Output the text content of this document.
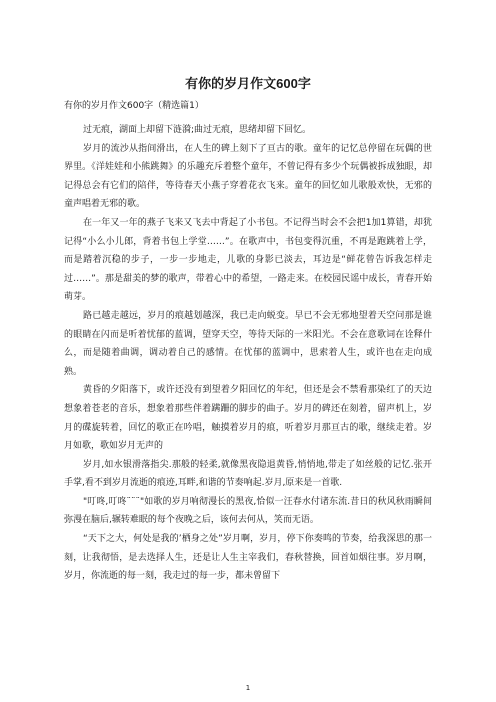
有你的岁月作文600字

有你的岁月作文600字（精选篇1）

过无痕，湖面上却留下涟漪;曲过无痕，思绪却留下回忆。

岁月的流沙从指间滑出，在人生的碑上刻下了亘古的歌。童年的记忆总停留在玩偶的世界里。《洋娃娃和小熊跳舞》的乐趣充斥着整个童年，不曾记得有多少个玩偶被拆成独眼，却记得总会有它们的陪伴，等待春天小燕子穿着花衣飞来。童年的回忆如儿歌般欢快，无邪的童声唱着无邪的歌。

在一年又一年的燕子飞来又飞去中背起了小书包。不记得当时会不会把1加1算错，却犹记得“小么小儿郎，背着书包上学堂……”。在歌声中，书包变得沉重，不再是跑跳着上学，而是踏着沉稳的步子，一步一步地走，儿歌的身影已淡去，耳边是“鲜花曾告诉我怎样走过……”。那是甜美的梦的歌声，带着心中的希望，一路走来。在校园民谣中成长，青春开始萌芽。

路已越走越远，岁月的痕越划越深，我已走向蜕变。早已不会无邪地望着天空问那是谁的眼睛在闪而是听着忧郁的蓝调，望穿天空，等待天际的一米阳光。不会在意歌词在诠释什么，而是随着曲调，调动着自己的感情。在忧郁的蓝调中，思索着人生，或许也在走向成熟。

黄昏的夕阳落下，或许还没有到望着夕阳回忆的年纪，但还是会不禁看那染红了的天边想象着苍老的音乐，想象着那些伴着蹒跚的脚步的曲子。岁月的碑还在刻着，留声机上，岁月的碟旋转着，回忆的歌正在吟唱，触摸着岁月的痕，听着岁月那亘古的歌，继续走着。岁月如歌，歌如岁月无声的

岁月,如水银滑落指尖.那般的轻柔,就像黑夜隐退黄昏,悄悄地,带走了如丝般的记忆.张开手掌,看不到岁月流逝的痕迹,耳畔,和谐的节奏响起.岁月,原来是一首歌.

"叮咚,叮咚¨¨¨"如歌的岁月响彻漫长的黑夜,恰似一汪春水付诸东流.昔日的秋风秋雨瞬间弥漫在脑后,辗转难眠的每个夜晚之后，该何去何从，笑而无语。

“天下之大，何处是我的’栖身之处”岁月啊，岁月，停下你奏鸣的节奏，给我深思的那一刻，让我彻悟，是去选择人生，还是让人生主宰我们，春秋替换，回首如烟往事。岁月啊，岁月，你流逝的每一刻，我走过的每一步，都未曾留下

1
